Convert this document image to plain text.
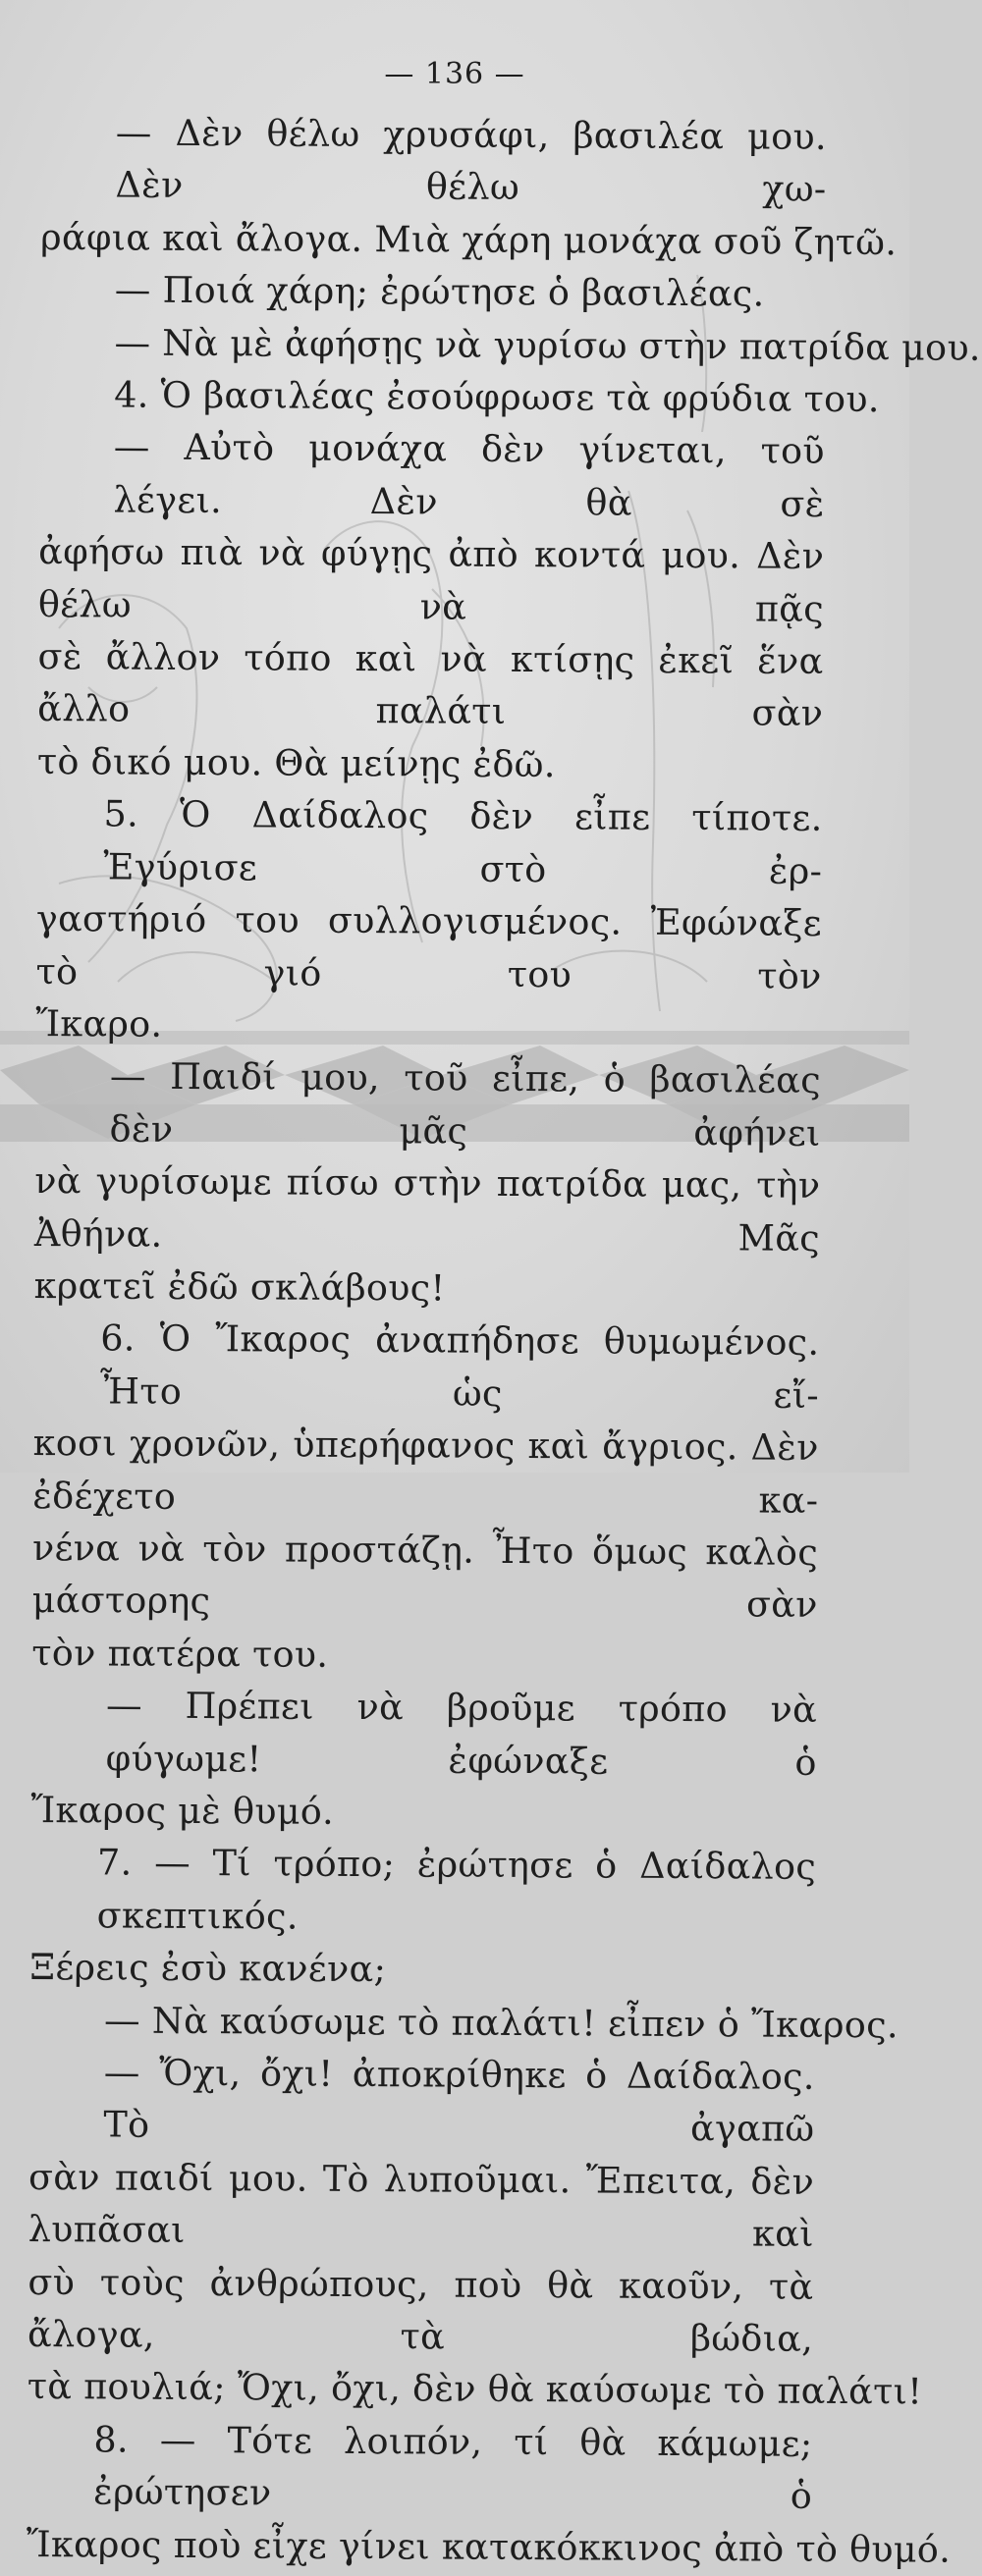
— 136 —
— Δὲν θέλω χρυσάφι, βασιλέα μου. Δὲν θέλω χω-
ράφια καὶ ἄλογα. Μιὰ χάρη μονάχα σοῦ ζητῶ.
— Ποιά χάρη; ἐρώτησε ὁ βασιλέας.
— Νὰ μὲ ἀφήσῃς νὰ γυρίσω στὴν πατρίδα μου.
4. Ὁ βασιλέας ἐσούφρωσε τὰ φρύδια του.
— Αὐτὸ μονάχα δὲν γίνεται, τοῦ λέγει. Δὲν θὰ σὲ
ἀφήσω πιὰ νὰ φύγῃς ἀπὸ κοντά μου. Δὲν θέλω νὰ πᾷς
σὲ ἄλλον τόπο καὶ νὰ κτίσῃς ἐκεῖ ἕνα ἄλλο παλάτι σὰν
τὸ δικό μου. Θὰ μείνῃς ἐδῶ.
5. Ὁ Δαίδαλος δὲν εἶπε τίποτε. Ἐγύρισε στὸ ἐρ-
γαστήριό του συλλογισμένος. Ἐφώναξε τὸ γιό του τὸν
Ἴκαρο.
— Παιδί μου, τοῦ εἶπε, ὁ βασιλέας δὲν μᾶς ἀφήνει
νὰ γυρίσωμε πίσω στὴν πατρίδα μας, τὴν Ἀθήνα. Μᾶς
κρατεῖ ἐδῶ σκλάβους!
6. Ὁ Ἴκαρος ἀναπήδησε θυμωμένος. Ἦτο ὡς εἴ-
κοσι χρονῶν, ὑπερήφανος καὶ ἄγριος. Δὲν ἐδέχετο κα-
νένα νὰ τὸν προστάζῃ. Ἦτο ὅμως καλὸς μάστορης σὰν
τὸν πατέρα του.
— Πρέπει νὰ βροῦμε τρόπο νὰ φύγωμε! ἐφώναξε ὁ
Ἴκαρος μὲ θυμό.
7. — Τί τρόπο; ἐρώτησε ὁ Δαίδαλος σκεπτικός.
Ξέρεις ἐσὺ κανένα;
— Νὰ καύσωμε τὸ παλάτι! εἶπεν ὁ Ἴκαρος.
— Ὄχι, ὄχι! ἀποκρίθηκε ὁ Δαίδαλος. Τὸ ἀγαπῶ
σὰν παιδί μου. Τὸ λυποῦμαι. Ἔπειτα, δὲν λυπᾶσαι καὶ
σὺ τοὺς ἀνθρώπους, ποὺ θὰ καοῦν, τὰ ἄλογα, τὰ βώδια,
τὰ πουλιά; Ὄχι, ὄχι, δὲν θὰ καύσωμε τὸ παλάτι!
8. — Τότε λοιπόν, τί θὰ κάμωμε; ἐρώτησεν ὁ
Ἴκαρος ποὺ εἶχε γίνει κατακόκκινος ἀπὸ τὸ θυμό.
